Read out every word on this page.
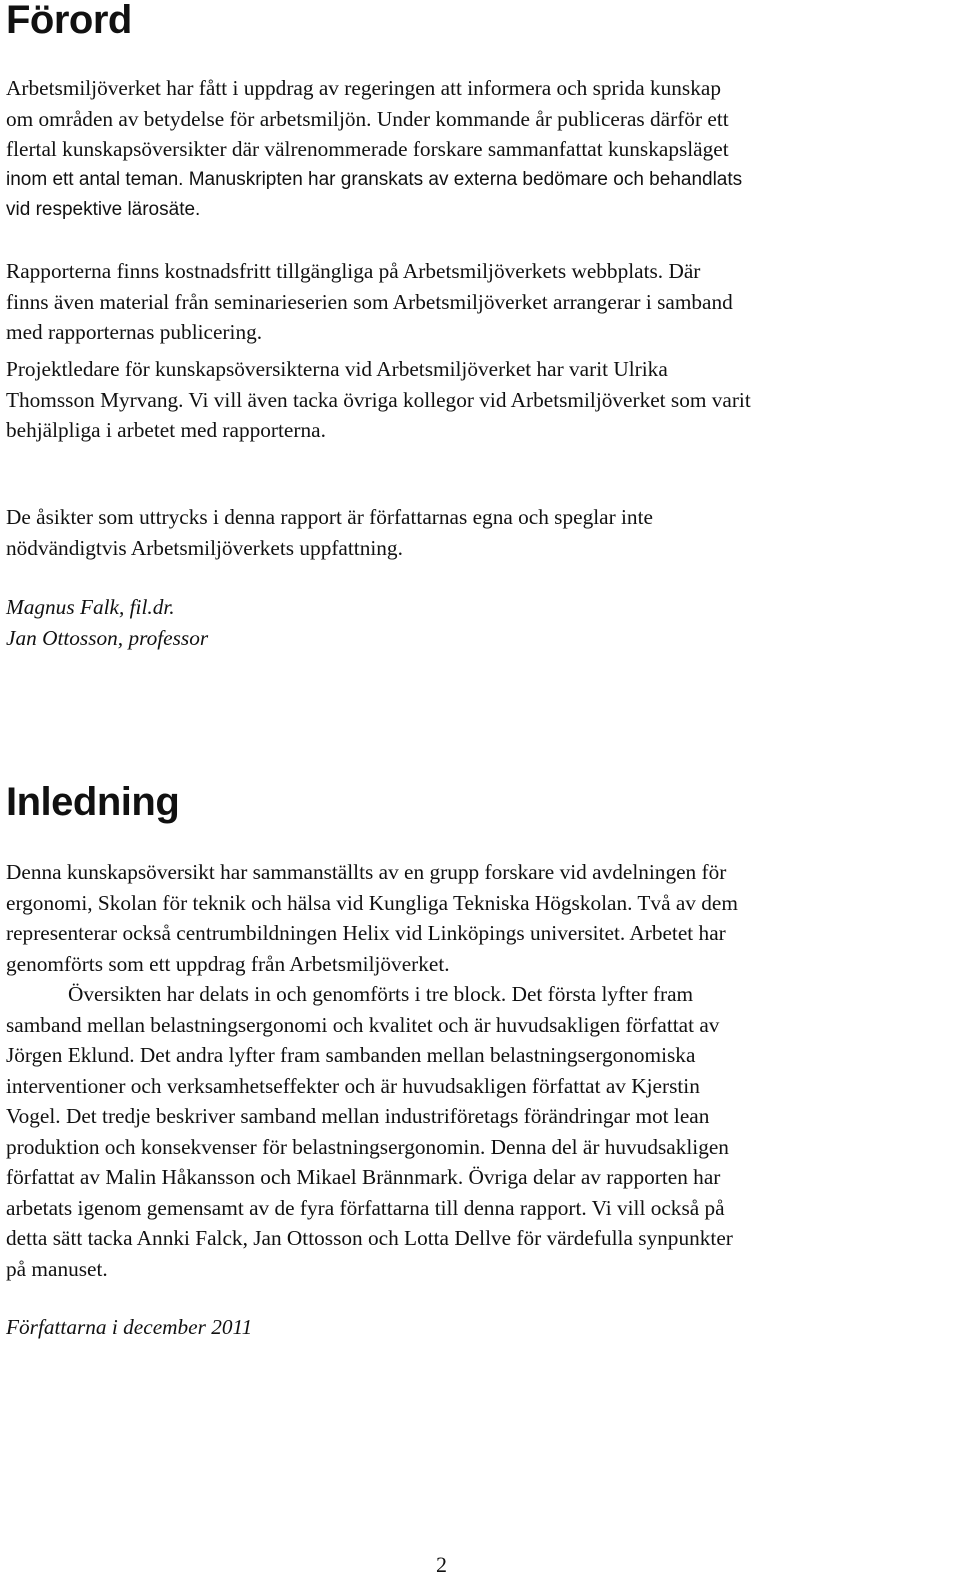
Förord

Arbetsmiljöverket har fått i uppdrag av regeringen att informera och sprida kunskap
om områden av betydelse för arbetsmiljön. Under kommande år publiceras därför ett
flertal kunskapsöversikter där välrenommerade forskare sammanfattat kunskapsläget
inom ett antal teman. Manuskripten har granskats av externa bedömare och behandlats
vid respektive lärosäte.

Rapporterna finns kostnadsfritt tillgängliga på Arbetsmiljöverkets webbplats. Där
finns även material från seminarieserien som Arbetsmiljöverket arrangerar i samband
med rapporternas publicering.

Projektledare för kunskapsöversikterna vid Arbetsmiljöverket har varit Ulrika
Thomsson Myrvang. Vi vill även tacka övriga kollegor vid Arbetsmiljöverket som varit
behjälpliga i arbetet med rapporterna.

De åsikter som uttrycks i denna rapport är författarnas egna och speglar inte
nödvändigtvis Arbetsmiljöverkets uppfattning.

Magnus Falk, fil.dr.
Jan Ottosson, professor

Inledning

Denna kunskapsöversikt har sammanställts av en grupp forskare vid avdelningen för
ergonomi, Skolan för teknik och hälsa vid Kungliga Tekniska Högskolan. Två av dem
representerar också centrumbildningen Helix vid Linköpings universitet. Arbetet har
genomförts som ett uppdrag från Arbetsmiljöverket.
Översikten har delats in och genomförts i tre block. Det första lyfter fram
samband mellan belastningsergonomi och kvalitet och är huvudsakligen författat av
Jörgen Eklund. Det andra lyfter fram sambanden mellan belastningsergonomiska
interventioner och verksamhetseffekter och är huvudsakligen författat av Kjerstin
Vogel. Det tredje beskriver samband mellan industriföretags förändringar mot lean
produktion och konsekvenser för belastningsergonomin. Denna del är huvudsakligen
författat av Malin Håkansson och Mikael Brännmark. Övriga delar av rapporten har
arbetats igenom gemensamt av de fyra författarna till denna rapport. Vi vill också på
detta sätt tacka Annki Falck, Jan Ottosson och Lotta Dellve för värdefulla synpunkter
på manuset.

Författarna i december 2011

2
